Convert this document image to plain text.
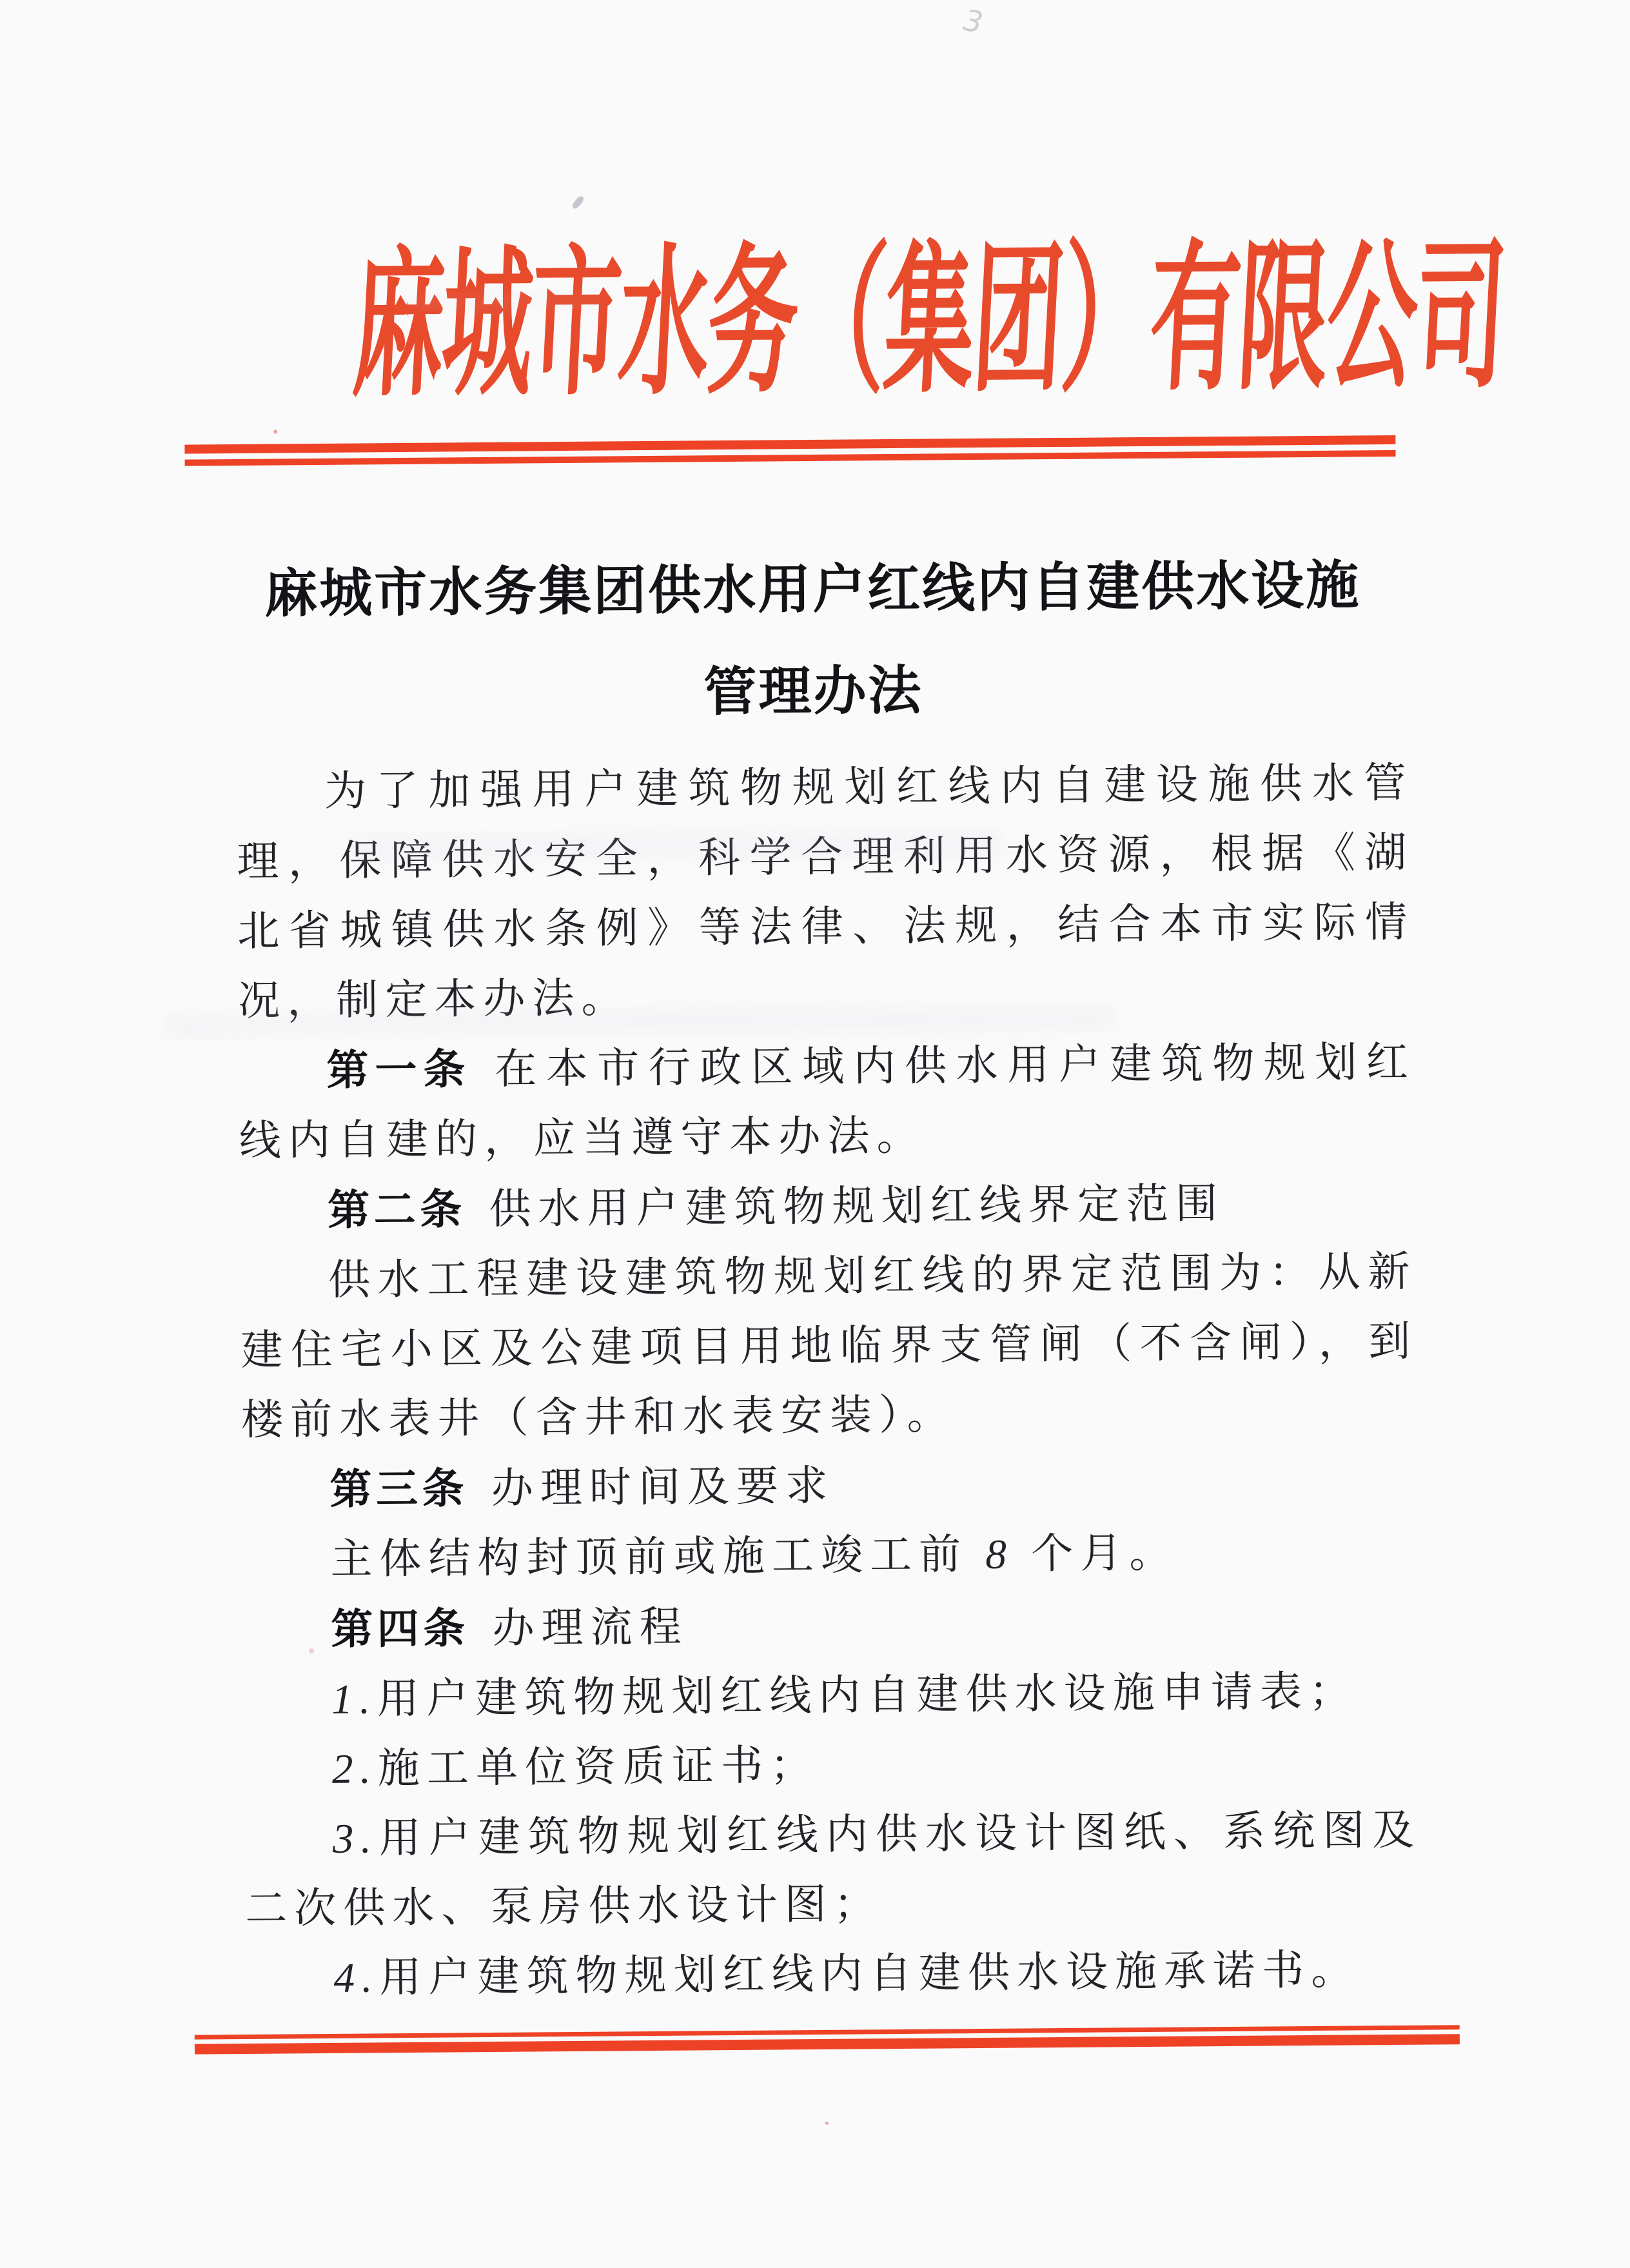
3
麻城市水务（集团）有限公司
麻城市水务集团供水用户红线内自建供水设施
管理办法

为了加强用户建筑物规划红线内自建设施供水管理，保障供水安全，科学合理利用水资源，根据《湖北省城镇供水条例》等法律、法规，结合本市实际情况，制定本办法。

第一条 在本市行政区域内供水用户建筑物规划红线内自建的，应当遵守本办法。

第二条 供水用户建筑物规划红线界定范围

供水工程建设建筑物规划红线的界定范围为：从新建住宅小区及公建项目用地临界支管闸（不含闸），到楼前水表井（含井和水表安装）。

第三条 办理时间及要求

主体结构封顶前或施工竣工前 8 个月。

第四条 办理流程

1.用户建筑物规划红线内自建供水设施申请表；

2.施工单位资质证书；

3.用户建筑物规划红线内供水设计图纸、系统图及二次供水、泵房供水设计图；

4.用户建筑物规划红线内自建供水设施承诺书。
